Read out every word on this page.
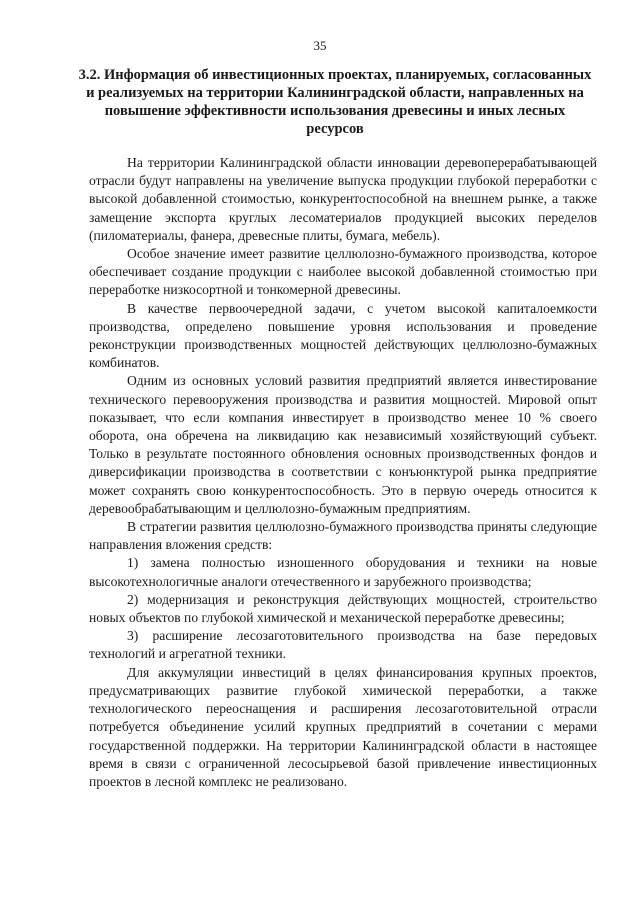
35
3.2. Информация об инвестиционных проектах, планируемых, согласованных и реализуемых на территории Калининградской области, направленных на повышение эффективности использования древесины и иных лесных ресурсов

На территории Калининградской области инновации деревоперерабатывающей отрасли будут направлены на увеличение выпуска продукции глубокой переработки с высокой добавленной стоимостью, конкурентоспособной на внешнем рынке, а также замещение экспорта круглых лесоматериалов продукцией высоких переделов (пиломатериалы, фанера, древесные плиты, бумага, мебель).

Особое значение имеет развитие целлюлозно-бумажного производства, которое обеспечивает создание продукции с наиболее высокой добавленной стоимостью при переработке низкосортной и тонкомерной древесины.

В качестве первоочередной задачи, с учетом высокой капиталоемкости производства, определено повышение уровня использования и проведение реконструкции производственных мощностей действующих целлюлозно-бумажных комбинатов.

Одним из основных условий развития предприятий является инвестирование технического перевооружения производства и развития мощностей. Мировой опыт показывает, что если компания инвестирует в производство менее 10 % своего оборота, она обречена на ликвидацию как независимый хозяйствующий субъект. Только в результате постоянного обновления основных производственных фондов и диверсификации производства в соответствии с конъюнктурой рынка предприятие может сохранять свою конкурентоспособность. Это в первую очередь относится к деревообрабатывающим и целлюлозно-бумажным предприятиям.

В стратегии развития целлюлозно-бумажного производства приняты следующие направления вложения средств:

1) замена полностью изношенного оборудования и техники на новые высокотехнологичные аналоги отечественного и зарубежного производства;

2) модернизация и реконструкция действующих мощностей, строительство новых объектов по глубокой химической и механической переработке древесины;

3) расширение лесозаготовительного производства на базе передовых технологий и агрегатной техники.

Для аккумуляции инвестиций в целях финансирования крупных проектов, предусматривающих развитие глубокой химической переработки, а также технологического переоснащения и расширения лесозаготовительной отрасли потребуется объединение усилий крупных предприятий в сочетании с мерами государственной поддержки. На территории Калининградской области в настоящее время в связи с ограниченной лесосырьевой базой привлечение инвестиционных проектов в лесной комплекс не реализовано.
